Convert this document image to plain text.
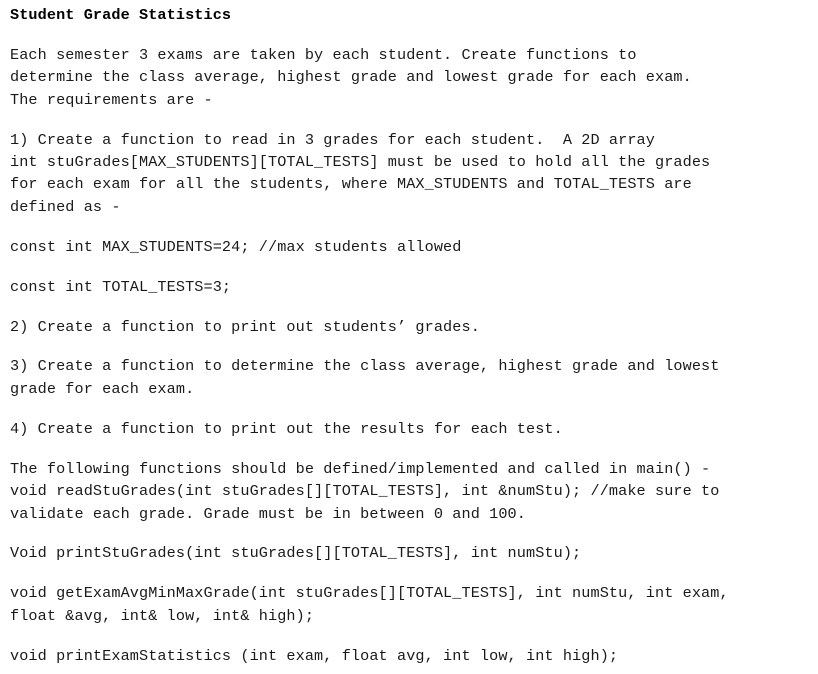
Student Grade Statistics

Each semester 3 exams are taken by each student. Create functions to

determine the class average, highest grade and lowest grade for each exam.

The requirements are -

1) Create a function to read in 3 grades for each student.  A 2D array

int stuGrades[MAX_STUDENTS][TOTAL_TESTS] must be used to hold all the grades

for each exam for all the students, where MAX_STUDENTS and TOTAL_TESTS are

defined as -

const int MAX_STUDENTS=24; //max students allowed

const int TOTAL_TESTS=3;

2) Create a function to print out students’ grades.

3) Create a function to determine the class average, highest grade and lowest

grade for each exam.

4) Create a function to print out the results for each test.

The following functions should be defined/implemented and called in main() -

void readStuGrades(int stuGrades[][TOTAL_TESTS], int &numStu); //make sure to

validate each grade. Grade must be in between 0 and 100.

Void printStuGrades(int stuGrades[][TOTAL_TESTS], int numStu);

void getExamAvgMinMaxGrade(int stuGrades[][TOTAL_TESTS], int numStu, int exam,

float &avg, int& low, int& high);

void printExamStatistics (int exam, float avg, int low, int high);
